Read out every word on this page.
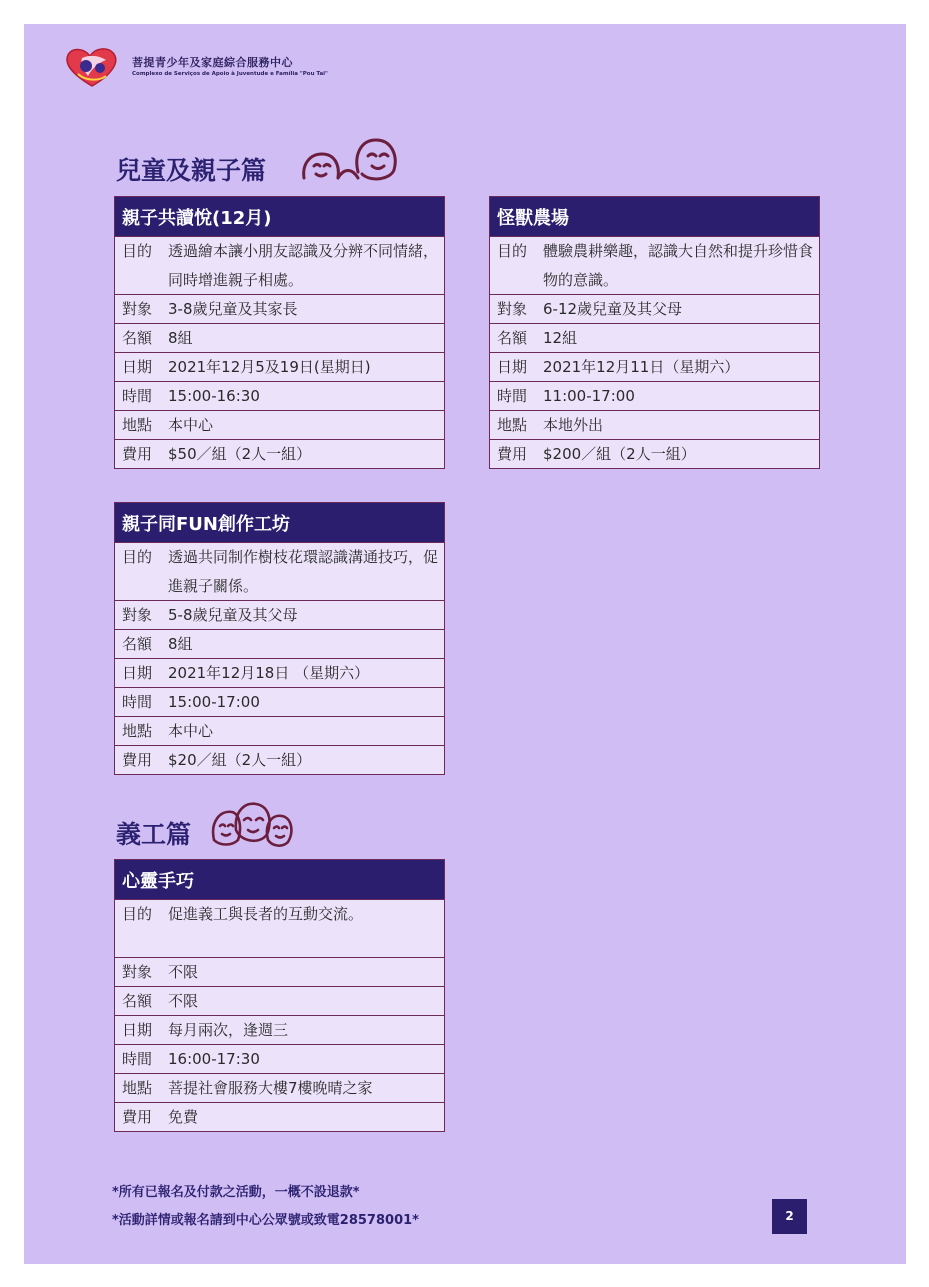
菩提青少年及家庭綜合服務中心
Complexo de Serviços de Apoio à Juventude e Família "Pou Tai"
兒童及親子篇
親子共讀悅(12月)
目的	透過繪本讓小朋友認識及分辨不同情緒，同時增進親子相處。
對象	3-8歲兒童及其家長
名額	8組
日期	2021年12月5及19日(星期日)
時間	15:00-16:30
地點	本中心
費用	$50／組（2人一組）
怪獸農場
目的	體驗農耕樂趣，認識大自然和提升珍惜食物的意識。
對象	6-12歲兒童及其父母
名額	12組
日期	2021年12月11日（星期六）
時間	11:00-17:00
地點	本地外出
費用	$200／組（2人一組）
親子同FUN創作工坊
目的	透過共同制作樹枝花環認識溝通技巧，促進親子關係。
對象	5-8歲兒童及其父母
名額	8組
日期	2021年12月18日 （星期六）
時間	15:00-17:00
地點	本中心
費用	$20／組（2人一組）
義工篇
心靈手巧
目的	促進義工與長者的互動交流。
對象	不限
名額	不限
日期	每月兩次，逢週三
時間	16:00-17:30
地點	菩提社會服務大樓7樓晚晴之家
費用	免費
*所有已報名及付款之活動，一概不設退款*
*活動詳情或報名請到中心公眾號或致電28578001*	2
